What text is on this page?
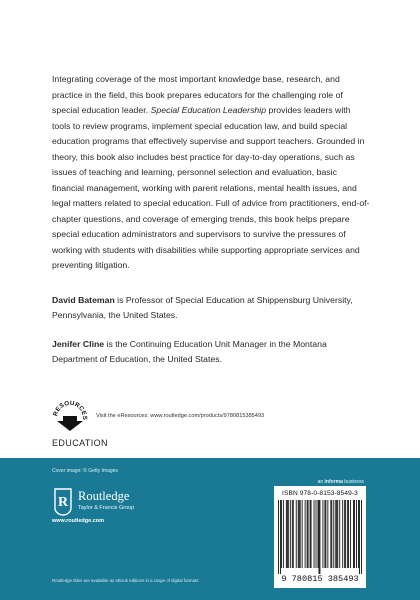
Integrating coverage of the most important knowledge base, research, and practice in the field, this book prepares educators for the challenging role of special education leader. Special Education Leadership provides leaders with tools to review programs, implement special education law, and build special education programs that effectively supervise and support teachers. Grounded in theory, this book also includes best practice for day-to-day operations, such as issues of teaching and learning, personnel selection and evaluation, basic financial management, working with parent relations, mental health issues, and legal matters related to special education. Full of advice from practitioners, end-of-chapter questions, and coverage of emerging trends, this book helps prepare special education administrators and supervisors to survive the pressures of working with students with disabilities while supporting appropriate services and preventing litigation.

David Bateman is Professor of Special Education at Shippensburg University, Pennsylvania, the United States.

Jenifer Cline is the Continuing Education Unit Manager in the Montana Department of Education, the United States.

RESOURCES Visit the eResources: www.routledge.com/products/9780815385493
EDUCATION
Cover image: © Getty Images
an informa business
R Routledge
Taylor & Francis Group
www.routledge.com
Routledge titles are available as eBook editions in a range of digital formats
ISBN 978-0-8153-8549-3
9 780815 385493
